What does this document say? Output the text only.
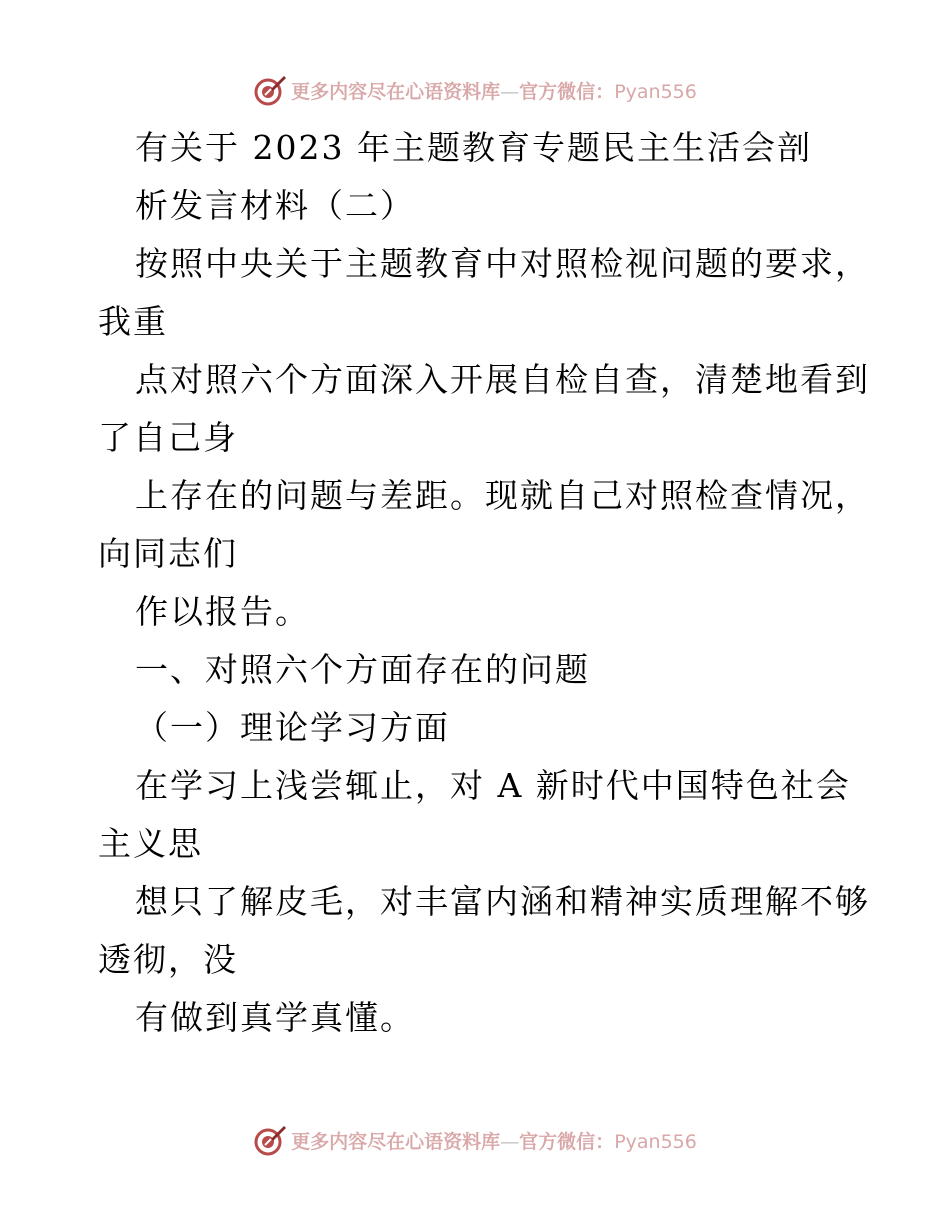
更多内容尽在心语资料库—官方微信：Pyan556
有关于 2023 年主题教育专题民主生活会剖
析发言材料（二）
按照中央关于主题教育中对照检视问题的要求，
我重
点对照六个方面深入开展自检自查，清楚地看到
了自己身
上存在的问题与差距。现就自己对照检查情况，
向同志们
作以报告。
一、对照六个方面存在的问题
（一）理论学习方面
在学习上浅尝辄止，对 A 新时代中国特色社会
主义思
想只了解皮毛，对丰富内涵和精神实质理解不够
透彻，没
有做到真学真懂。
更多内容尽在心语资料库—官方微信：Pyan556
